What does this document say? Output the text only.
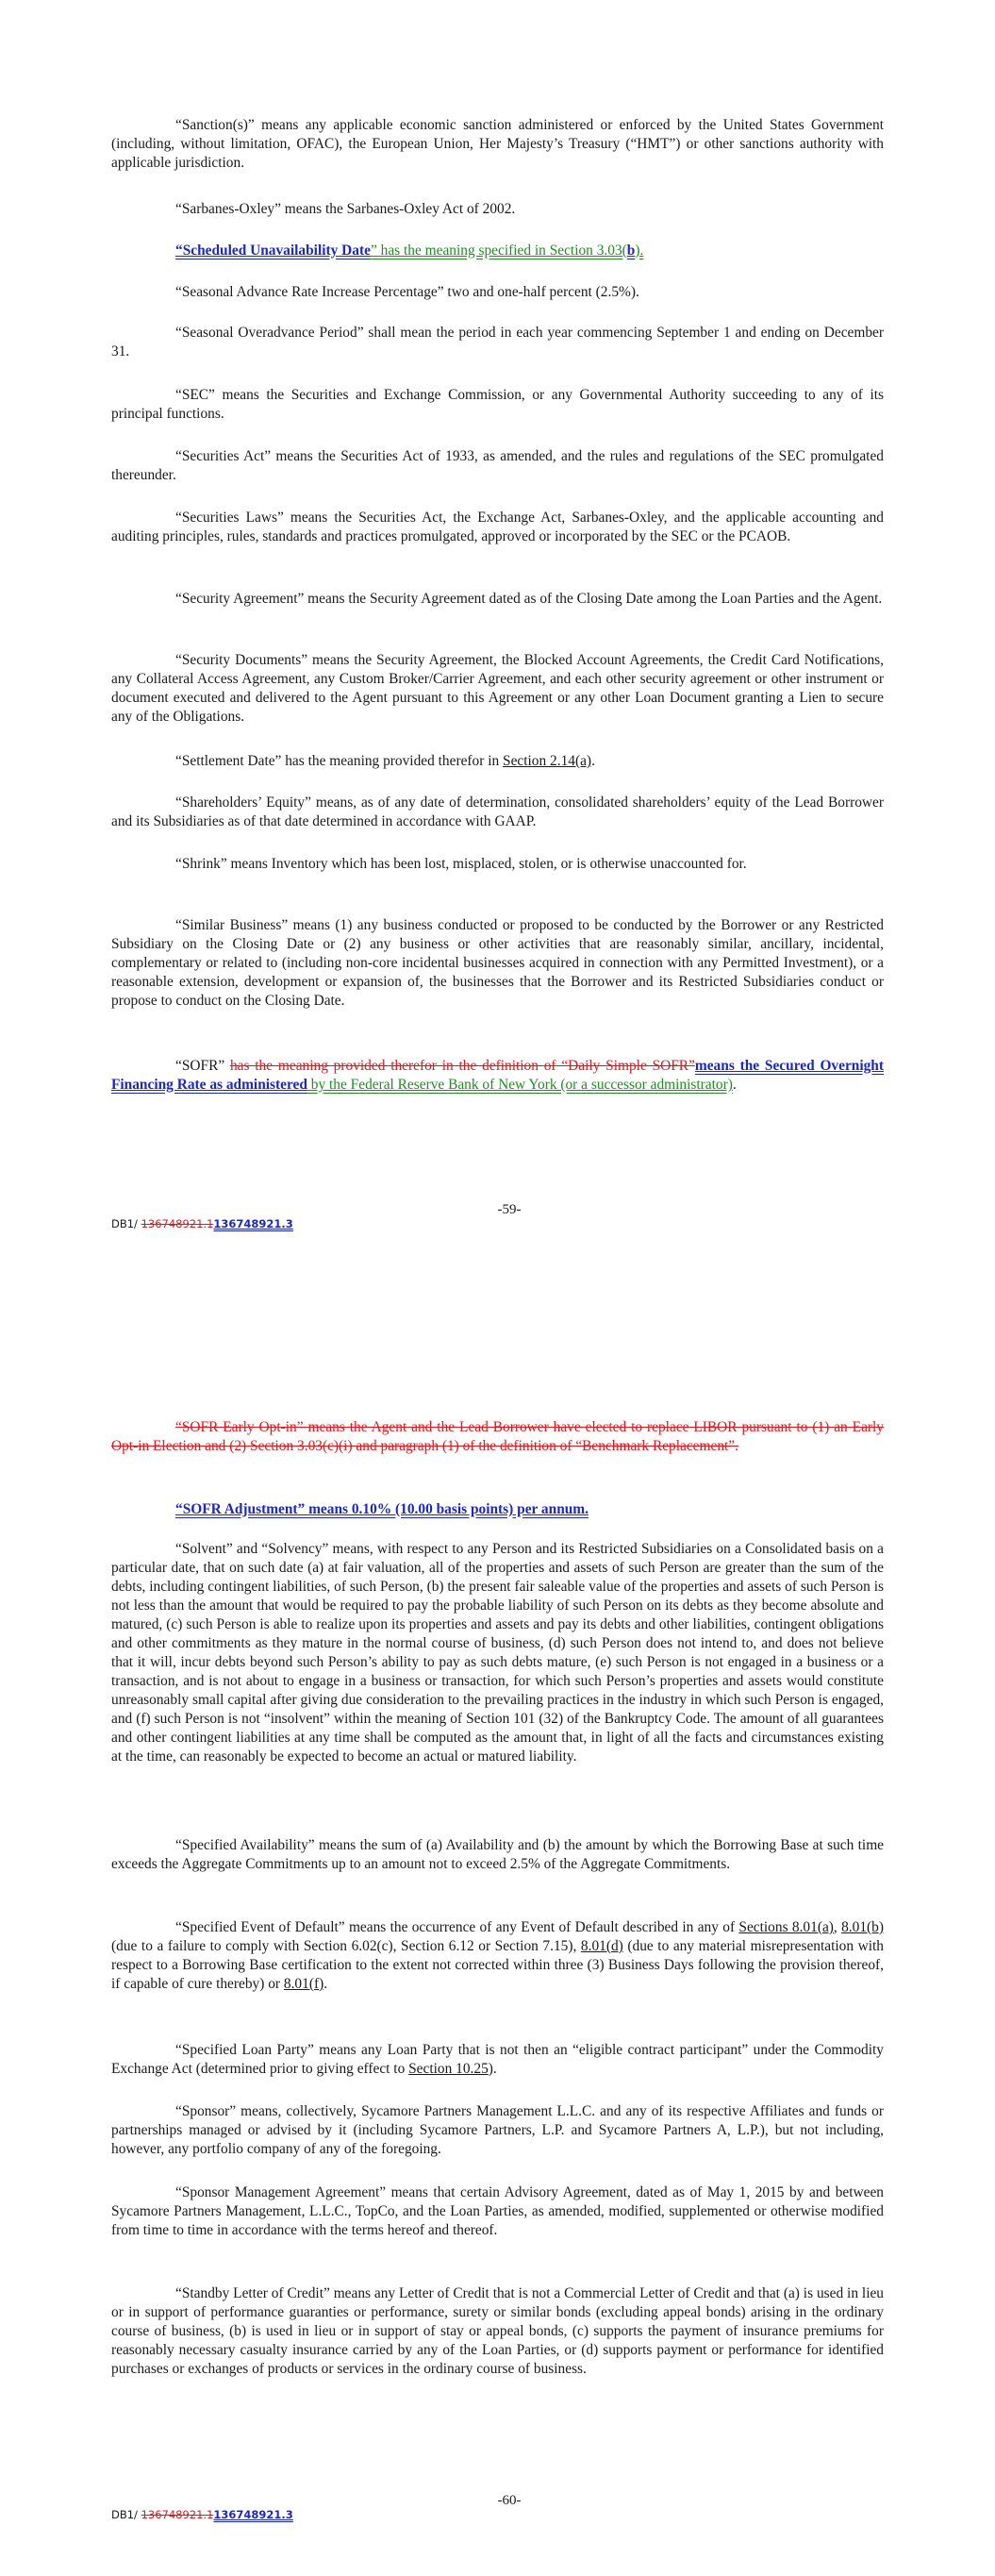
“Sanction(s)” means any applicable economic sanction administered or enforced by the United States Government (including, without limitation, OFAC), the European Union, Her Majesty’s Treasury (“HMT”) or other sanctions authority with applicable jurisdiction.

“Sarbanes-Oxley” means the Sarbanes-Oxley Act of 2002.

“Scheduled Unavailability Date” has the meaning specified in Section 3.03(b).

“Seasonal Advance Rate Increase Percentage” two and one-half percent (2.5%).

“Seasonal Overadvance Period” shall mean the period in each year commencing September 1 and ending on December 31.

“SEC” means the Securities and Exchange Commission, or any Governmental Authority succeeding to any of its principal functions.

“Securities Act” means the Securities Act of 1933, as amended, and the rules and regulations of the SEC promulgated thereunder.

“Securities Laws” means the Securities Act, the Exchange Act, Sarbanes-Oxley, and the applicable accounting and auditing principles, rules, standards and practices promulgated, approved or incorporated by the SEC or the PCAOB.

“Security Agreement” means the Security Agreement dated as of the Closing Date among the Loan Parties and the Agent.

“Security Documents” means the Security Agreement, the Blocked Account Agreements, the Credit Card Notifications, any Collateral Access Agreement, any Custom Broker/Carrier Agreement, and each other security agreement or other instrument or document executed and delivered to the Agent pursuant to this Agreement or any other Loan Document granting a Lien to secure any of the Obligations.

“Settlement Date” has the meaning provided therefor in Section 2.14(a).

“Shareholders’ Equity” means, as of any date of determination, consolidated shareholders’ equity of the Lead Borrower and its Subsidiaries as of that date determined in accordance with GAAP.

“Shrink” means Inventory which has been lost, misplaced, stolen, or is otherwise unaccounted for.

“Similar Business” means (1) any business conducted or proposed to be conducted by the Borrower or any Restricted Subsidiary on the Closing Date or (2) any business or other activities that are reasonably similar, ancillary, incidental, complementary or related to (including non-core incidental businesses acquired in connection with any Permitted Investment), or a reasonable extension, development or expansion of, the businesses that the Borrower and its Restricted Subsidiaries conduct or propose to conduct on the Closing Date.

“SOFR” has the meaning provided therefor in the definition of “Daily Simple SOFR”means the Secured Overnight Financing Rate as administered by the Federal Reserve Bank of New York (or a successor administrator).

-59-
DB1/ 136748921.1136748921.3

“SOFR Early Opt-in” means the Agent and the Lead Borrower have elected to replace LIBOR pursuant to (1) an Early Opt-in Election and (2) Section 3.03(c)(i) and paragraph (1) of the definition of “Benchmark Replacement”.

“SOFR Adjustment” means 0.10% (10.00 basis points) per annum.

“Solvent” and “Solvency” means, with respect to any Person and its Restricted Subsidiaries on a Consolidated basis on a particular date, that on such date (a) at fair valuation, all of the properties and assets of such Person are greater than the sum of the debts, including contingent liabilities, of such Person, (b) the present fair saleable value of the properties and assets of such Person is not less than the amount that would be required to pay the probable liability of such Person on its debts as they become absolute and matured, (c) such Person is able to realize upon its properties and assets and pay its debts and other liabilities, contingent obligations and other commitments as they mature in the normal course of business, (d) such Person does not intend to, and does not believe that it will, incur debts beyond such Person’s ability to pay as such debts mature, (e) such Person is not engaged in a business or a transaction, and is not about to engage in a business or transaction, for which such Person’s properties and assets would constitute unreasonably small capital after giving due consideration to the prevailing practices in the industry in which such Person is engaged, and (f) such Person is not “insolvent” within the meaning of Section 101 (32) of the Bankruptcy Code. The amount of all guarantees and other contingent liabilities at any time shall be computed as the amount that, in light of all the facts and circumstances existing at the time, can reasonably be expected to become an actual or matured liability.

“Specified Availability” means the sum of (a) Availability and (b) the amount by which the Borrowing Base at such time exceeds the Aggregate Commitments up to an amount not to exceed 2.5% of the Aggregate Commitments.

“Specified Event of Default” means the occurrence of any Event of Default described in any of Sections 8.01(a), 8.01(b) (due to a failure to comply with Section 6.02(c), Section 6.12 or Section 7.15), 8.01(d) (due to any material misrepresentation with respect to a Borrowing Base certification to the extent not corrected within three (3) Business Days following the provision thereof, if capable of cure thereby) or 8.01(f).

“Specified Loan Party” means any Loan Party that is not then an “eligible contract participant” under the Commodity Exchange Act (determined prior to giving effect to Section 10.25).

“Sponsor” means, collectively, Sycamore Partners Management L.L.C. and any of its respective Affiliates and funds or partnerships managed or advised by it (including Sycamore Partners, L.P. and Sycamore Partners A, L.P.), but not including, however, any portfolio company of any of the foregoing.

“Sponsor Management Agreement” means that certain Advisory Agreement, dated as of May 1, 2015 by and between Sycamore Partners Management, L.L.C., TopCo, and the Loan Parties, as amended, modified, supplemented or otherwise modified from time to time in accordance with the terms hereof and thereof.

“Standby Letter of Credit” means any Letter of Credit that is not a Commercial Letter of Credit and that (a) is used in lieu or in support of performance guaranties or performance, surety or similar bonds (excluding appeal bonds) arising in the ordinary course of business, (b) is used in lieu or in support of stay or appeal bonds, (c) supports the payment of insurance premiums for reasonably necessary casualty insurance carried by any of the Loan Parties, or (d) supports payment or performance for identified purchases or exchanges of products or services in the ordinary course of business.

-60-
DB1/ 136748921.1136748921.3
